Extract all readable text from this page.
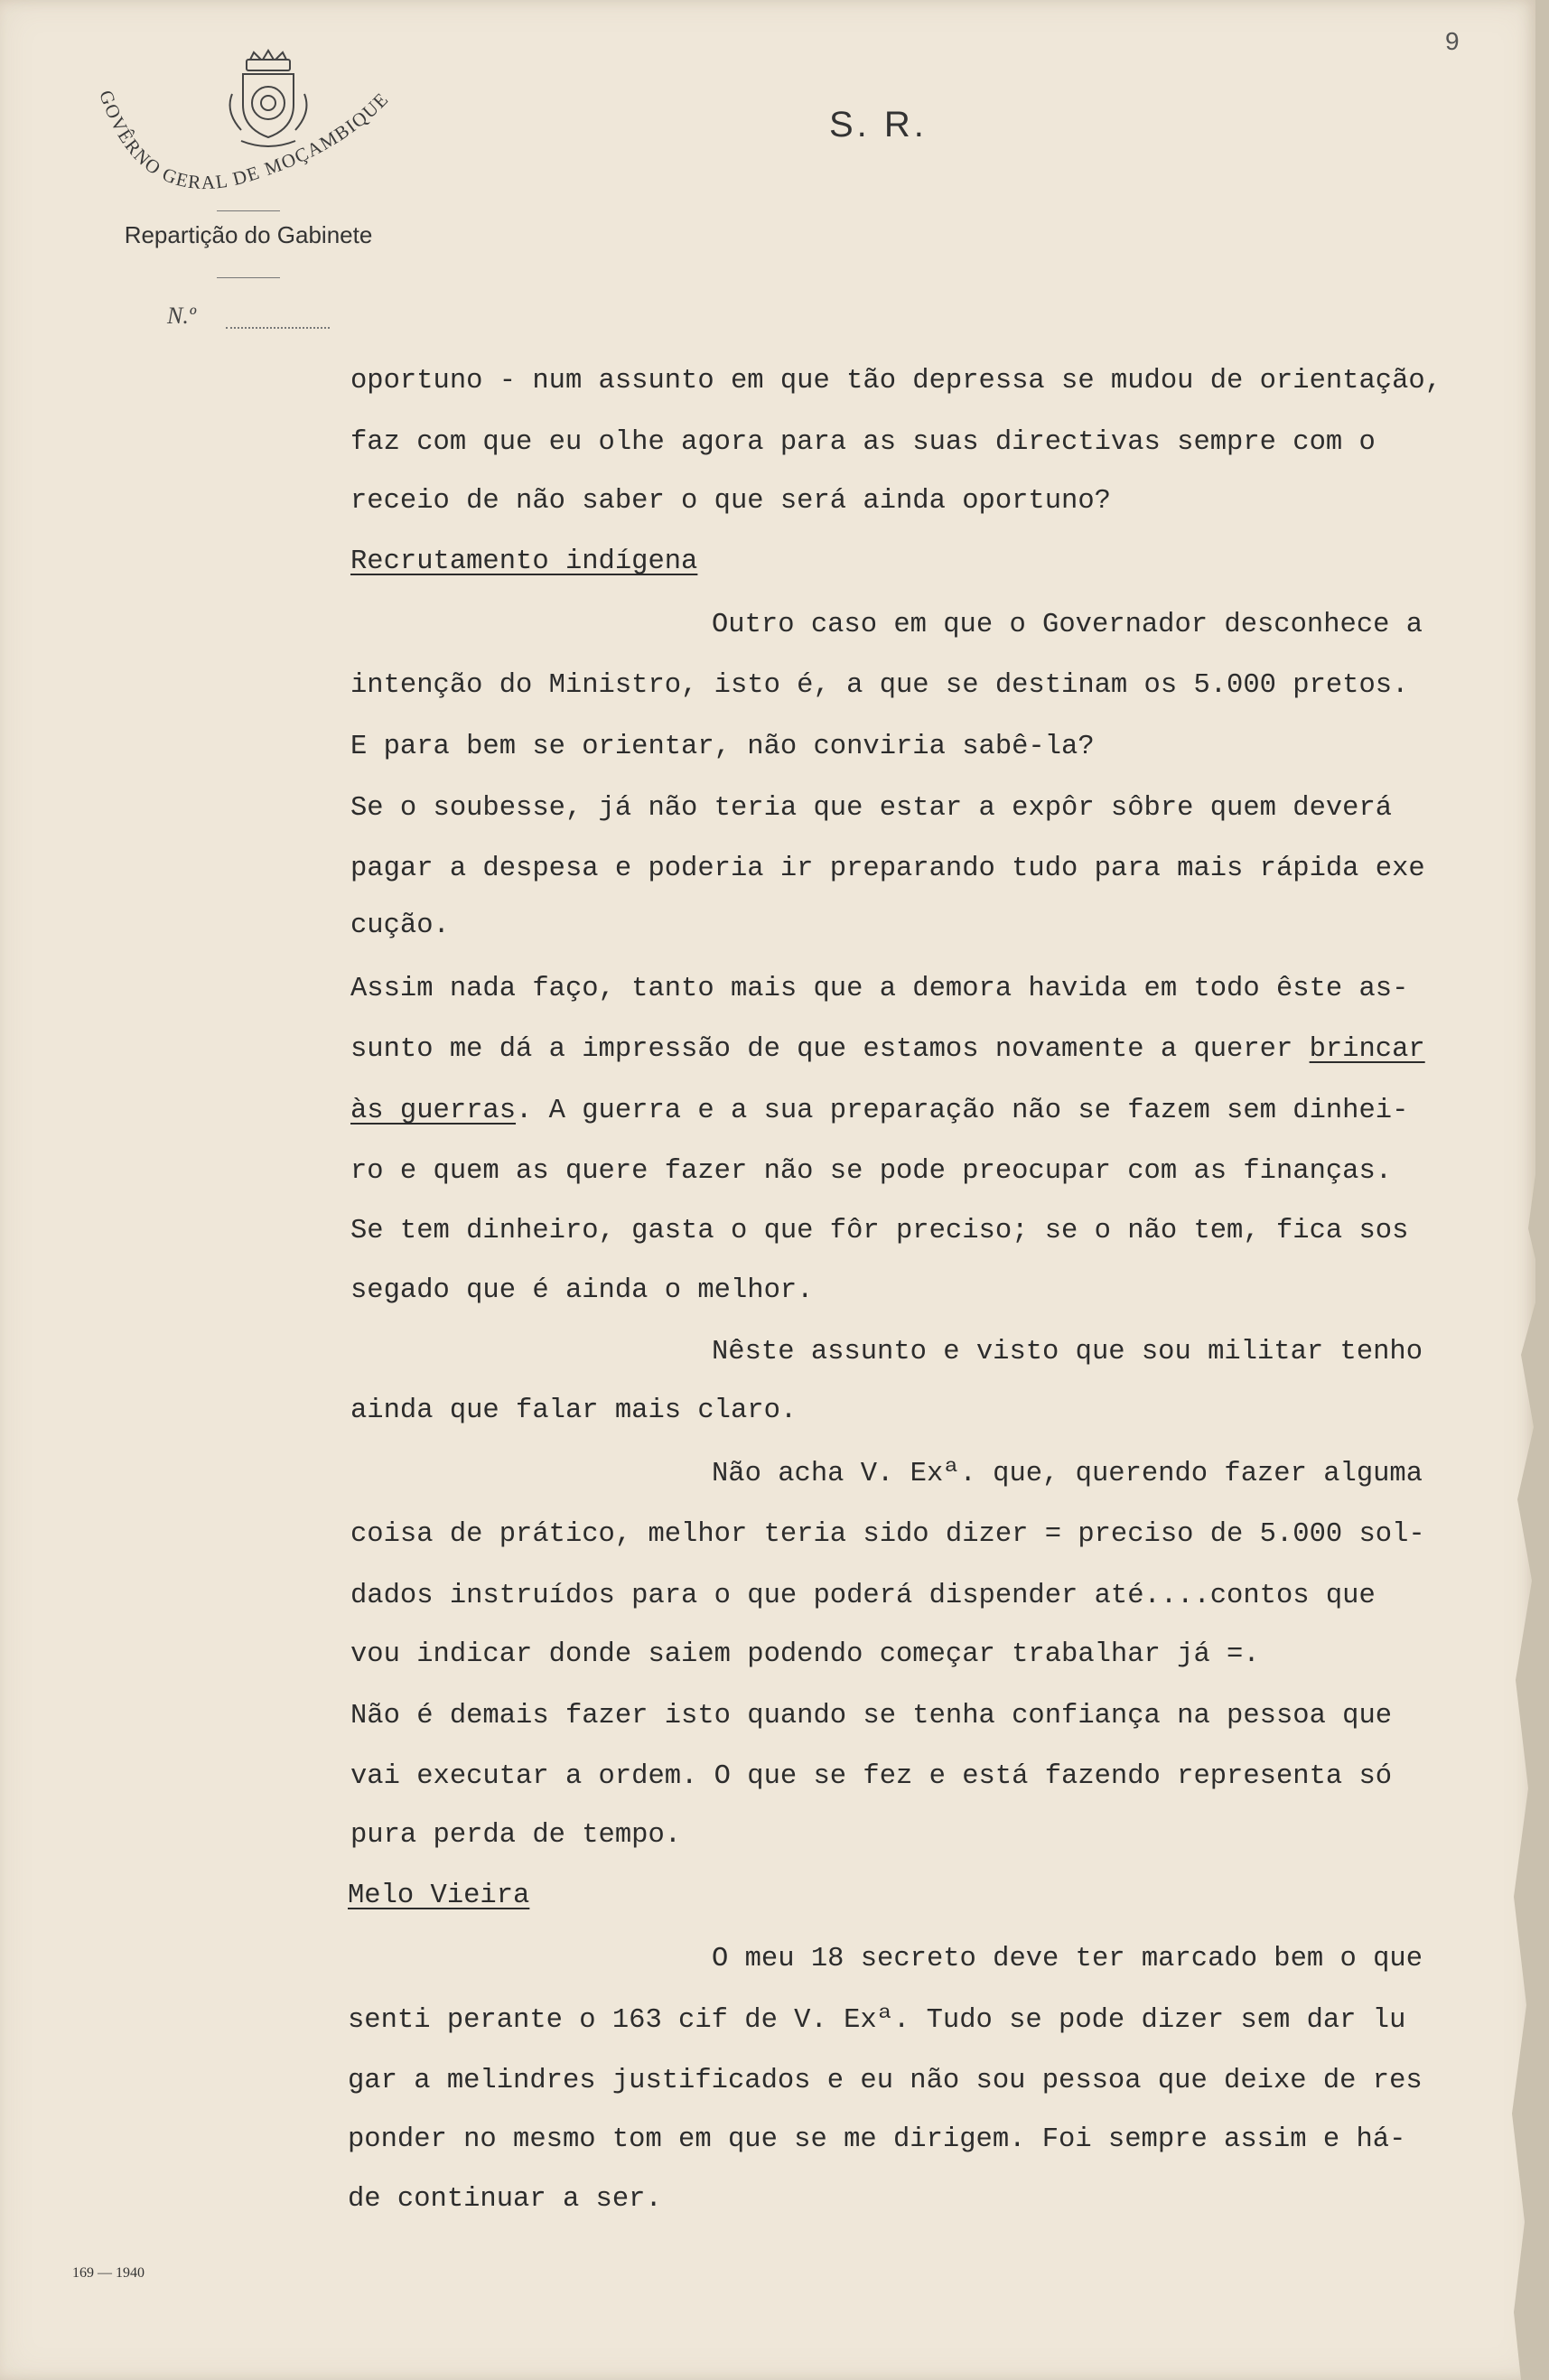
9
GOVÊRNO GERAL DE MOÇAMBIQUE
Repartição do Gabinete
N.º
S. R.
oportuno - num assunto em que tão depressa se mudou de orientação,
faz com que eu olhe agora para as suas directivas sempre com o
receio de não saber o que será ainda oportuno?
Recrutamento indígena
Outro caso em que o Governador desconhece a
intenção do Ministro, isto é, a que se destinam os 5.000 pretos.
E para bem se orientar, não conviria sabê-la?
Se o soubesse, já não teria que estar a expôr sôbre quem deverá
pagar a despesa e poderia ir preparando tudo para mais rápida exe
cução.
Assim nada faço, tanto mais que a demora havida em todo êste as-
sunto me dá a impressão de que estamos novamente a querer brincar
às guerras. A guerra e a sua preparação não se fazem sem dinhei-
ro e quem as quere fazer não se pode preocupar com as finanças.
Se tem dinheiro, gasta o que fôr preciso; se o não tem, fica sos
segado que é ainda o melhor.
Nêste assunto e visto que sou militar tenho
ainda que falar mais claro.
Não acha V. Exª. que, querendo fazer alguma
coisa de prático, melhor teria sido dizer = preciso de 5.000 sol-
dados instruídos para o que poderá dispender até....contos que
vou indicar donde saiem podendo começar trabalhar já =.
Não é demais fazer isto quando se tenha confiança na pessoa que
vai executar a ordem. O que se fez e está fazendo representa só
pura perda de tempo.
Melo Vieira
O meu 18 secreto deve ter marcado bem o que
senti perante o 163 cif de V. Exª. Tudo se pode dizer sem dar lu
gar a melindres justificados e eu não sou pessoa que deixe de res
ponder no mesmo tom em que se me dirigem. Foi sempre assim e há-
de continuar a ser.
169 — 1940
